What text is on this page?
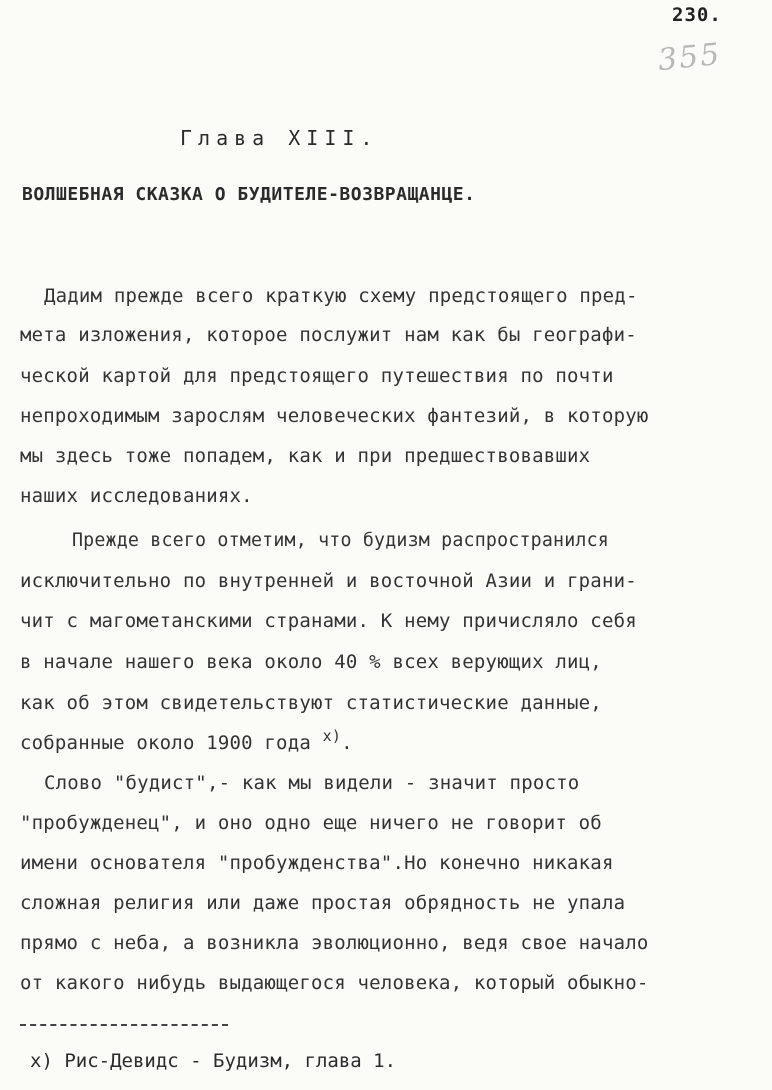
230.
355
Глава XIII.
ВОЛШЕБНАЯ СКАЗКА О БУДИТЕЛЕ-ВОЗВРАЩАНЦЕ.
Дадим прежде всего краткую схему предстоящего пред-
мета изложения, которое послужит нам как бы географи-
ческой картой для предстоящего путешествия по почти
непроходимым зарослям человеческих фантезий, в которую
мы здесь тоже попадем, как и при предшествовавших
наших исследованиях.
Прежде всего отметим, что будизм распространился
исключительно по внутренней и восточной Азии и грани-
чит с магометанскими странами. К нему причисляло себя
в начале нашего века около 40 % всех верующих лиц,
как об этом свидетельствуют статистические данные,
собранные около 1900 года $^{х)}$.
Слово "будист",- как мы видели - значит просто
"пробужденец", и оно одно еще ничего не говорит об
имени основателя "пробужденства".Но конечно никакая
сложная религия или даже простая обрядность не упала
прямо с неба, а возникла эволюционно, ведя свое начало
от какого нибудь выдающегося человека, который обыкно-
х) Рис-Девидс - Будизм, глава 1.
